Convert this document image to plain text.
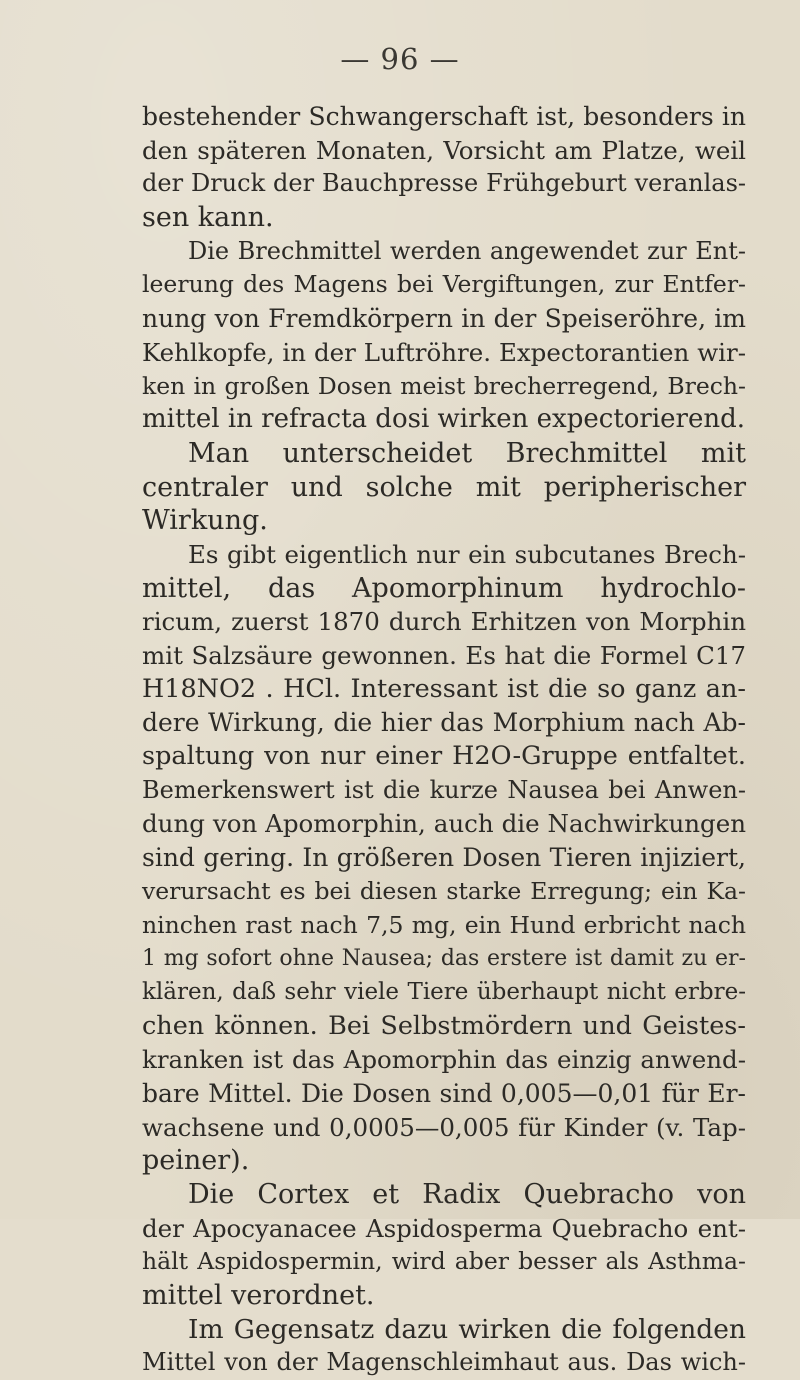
— 96 —
bestehender Schwangerschaft ist, besonders in
den späteren Monaten, Vorsicht am Platze, weil
der Druck der Bauchpresse Frühgeburt veranlas-
sen kann.
Die Brechmittel werden angewendet zur Ent-
leerung des Magens bei Vergiftungen, zur Entfer-
nung von Fremdkörpern in der Speiseröhre, im
Kehlkopfe, in der Luftröhre. Expectorantien wir-
ken in großen Dosen meist brecherregend, Brech-
mittel in refracta dosi wirken expectorierend.
Man unterscheidet Brechmittel mit
centraler und solche mit peripherischer
Wirkung.
Es gibt eigentlich nur ein subcutanes Brech-
mittel, das Apomorphinum hydrochlo-
ricum, zuerst 1870 durch Erhitzen von Morphin
mit Salzsäure gewonnen. Es hat die Formel C17
H18NO2 . HCl. Interessant ist die so ganz an-
dere Wirkung, die hier das Morphium nach Ab-
spaltung von nur einer H2O-Gruppe entfaltet.
Bemerkenswert ist die kurze Nausea bei Anwen-
dung von Apomorphin, auch die Nachwirkungen
sind gering. In größeren Dosen Tieren injiziert,
verursacht es bei diesen starke Erregung; ein Ka-
ninchen rast nach 7,5 mg, ein Hund erbricht nach
1 mg sofort ohne Nausea; das erstere ist damit zu er-
klären, daß sehr viele Tiere überhaupt nicht erbre-
chen können. Bei Selbstmördern und Geistes-
kranken ist das Apomorphin das einzig anwend-
bare Mittel. Die Dosen sind 0,005—0,01 für Er-
wachsene und 0,0005—0,005 für Kinder (v. Tap-
peiner).
Die Cortex et Radix Quebracho von
der Apocyanacee Aspidosperma Quebracho ent-
hält Aspidospermin, wird aber besser als Asthma-
mittel verordnet.
Im Gegensatz dazu wirken die folgenden
Mittel von der Magenschleimhaut aus. Das wich-
